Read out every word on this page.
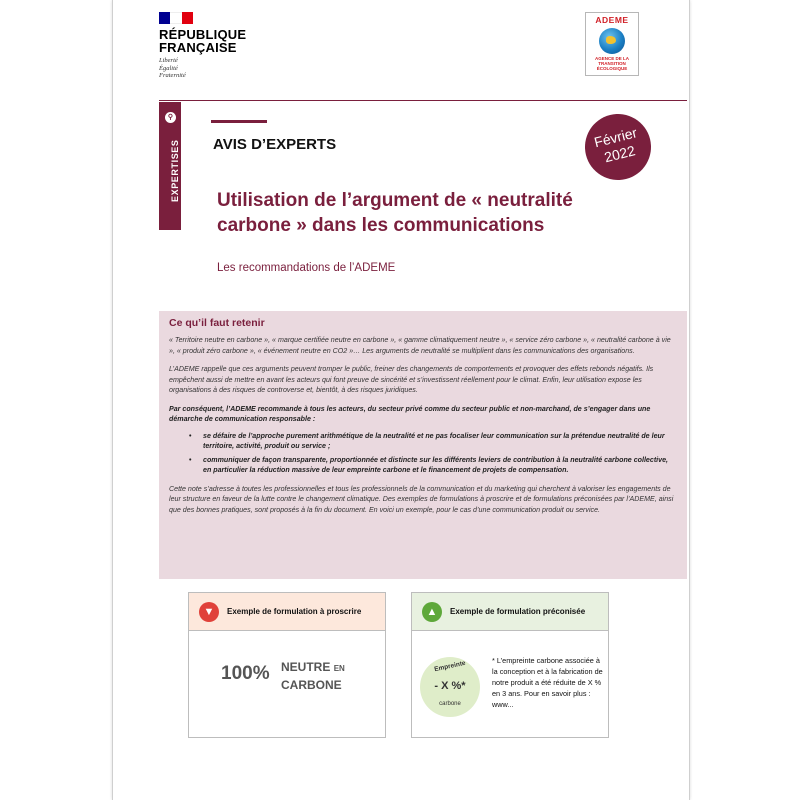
RÉPUBLIQUE
FRANÇAISE
Liberté
Égalité
Fraternité
ADEME
AGENCE DE LA
TRANSITION
ÉCOLOGIQUE
⚲
EXPERTISES AVIS D’EXPERTS	Février
2022
Utilisation de l’argument de « neutralité carbone » dans les communications
Les recommandations de l’ADEME
Ce qu’il faut retenir

« Territoire neutre en carbone », « marque certifiée neutre en carbone », « gamme climatiquement neutre », « service zéro carbone », « neutralité carbone à vie », « produit zéro carbone », « événement neutre en CO2 »… Les arguments de neutralité se multiplient dans les communications des organisations.

L’ADEME rappelle que ces arguments peuvent tromper le public, freiner des changements de comportements et provoquer des effets rebonds négatifs. Ils empêchent aussi de mettre en avant les acteurs qui font preuve de sincérité et s’investissent réellement pour le climat. Enfin, leur utilisation expose les organisations à des risques de controverse et, bientôt, à des risques juridiques.

Par conséquent, l’ADEME recommande à tous les acteurs, du secteur privé comme du secteur public et non-marchand, de s’engager dans une démarche de communication responsable :

• se défaire de l’approche purement arithmétique de la neutralité et ne pas focaliser leur communication sur la prétendue neutralité de leur territoire, activité, produit ou service ;
• communiquer de façon transparente, proportionnée et distincte sur les différents leviers de contribution à la neutralité carbone collective, en particulier la réduction massive de leur empreinte carbone et le financement de projets de compensation.

Cette note s’adresse à toutes les professionnelles et tous les professionnels de la communication et du marketing qui cherchent à valoriser les engagements de leur structure en faveur de la lutte contre le changement climatique. Des exemples de formulations à proscrire et de formulations préconisées par l’ADEME, ainsi que des bonnes pratiques, sont proposés à la fin du document. En voici un exemple, pour le cas d’une communication produit ou service.

▼	Exemple de formulation à proscrire
100% NEUTRE EN
CARBONE
▲	Exemple de formulation préconisée
Empreinte
- X %*
carbone
* L’empreinte carbone associée à la conception et à la fabrication de notre produit a été réduite de X % en 3 ans. Pour en savoir plus : www...
